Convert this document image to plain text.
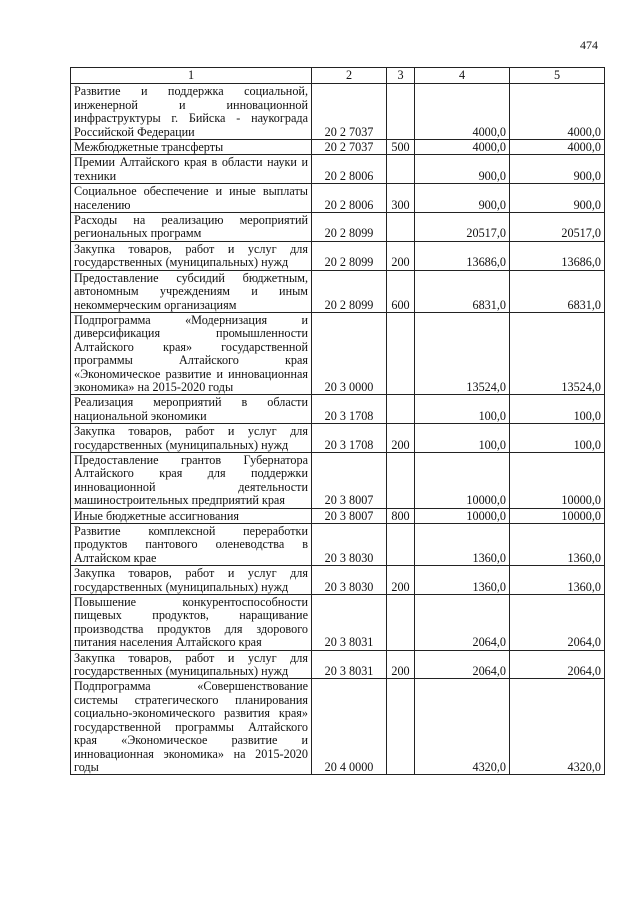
474
1	2	3	4	5
Развитие и поддержка социальной, инженерной и инновационной инфраструктуры г. Бийска - наукограда Российской Федерации	20 2 7037		4000,0	4000,0
Межбюджетные трансферты	20 2 7037	500	4000,0	4000,0
Премии Алтайского края в области науки и техники	20 2 8006		900,0	900,0
Социальное обеспечение и иные выплаты населению	20 2 8006	300	900,0	900,0
Расходы на реализацию мероприятий региональных программ	20 2 8099		20517,0	20517,0
Закупка товаров, работ и услуг для государственных (муниципальных) нужд	20 2 8099	200	13686,0	13686,0
Предоставление субсидий бюджетным, автономным учреждениям и иным некоммерческим организациям	20 2 8099	600	6831,0	6831,0
Подпрограмма «Модернизация и диверсификация промышленности Алтайского края» государственной программы Алтайского края «Экономическое развитие и инновационная экономика» на 2015-2020 годы	20 3 0000		13524,0	13524,0
Реализация мероприятий в области национальной экономики	20 3 1708		100,0	100,0
Закупка товаров, работ и услуг для государственных (муниципальных) нужд	20 3 1708	200	100,0	100,0
Предоставление грантов Губернатора Алтайского края для поддержки инновационной деятельности машиностроительных предприятий края	20 3 8007		10000,0	10000,0
Иные бюджетные ассигнования	20 3 8007	800	10000,0	10000,0
Развитие комплексной переработки продуктов пантового оленеводства в Алтайском крае	20 3 8030		1360,0	1360,0
Закупка товаров, работ и услуг для государственных (муниципальных) нужд	20 3 8030	200	1360,0	1360,0
Повышение конкурентоспособности пищевых продуктов, наращивание производства продуктов для здорового питания населения Алтайского края	20 3 8031		2064,0	2064,0
Закупка товаров, работ и услуг для государственных (муниципальных) нужд	20 3 8031	200	2064,0	2064,0
Подпрограмма «Совершенствование системы стратегического планирования социально-экономического развития края» государственной программы Алтайского края «Экономическое развитие и инновационная экономика» на 2015-2020 годы	20 4 0000		4320,0	4320,0
